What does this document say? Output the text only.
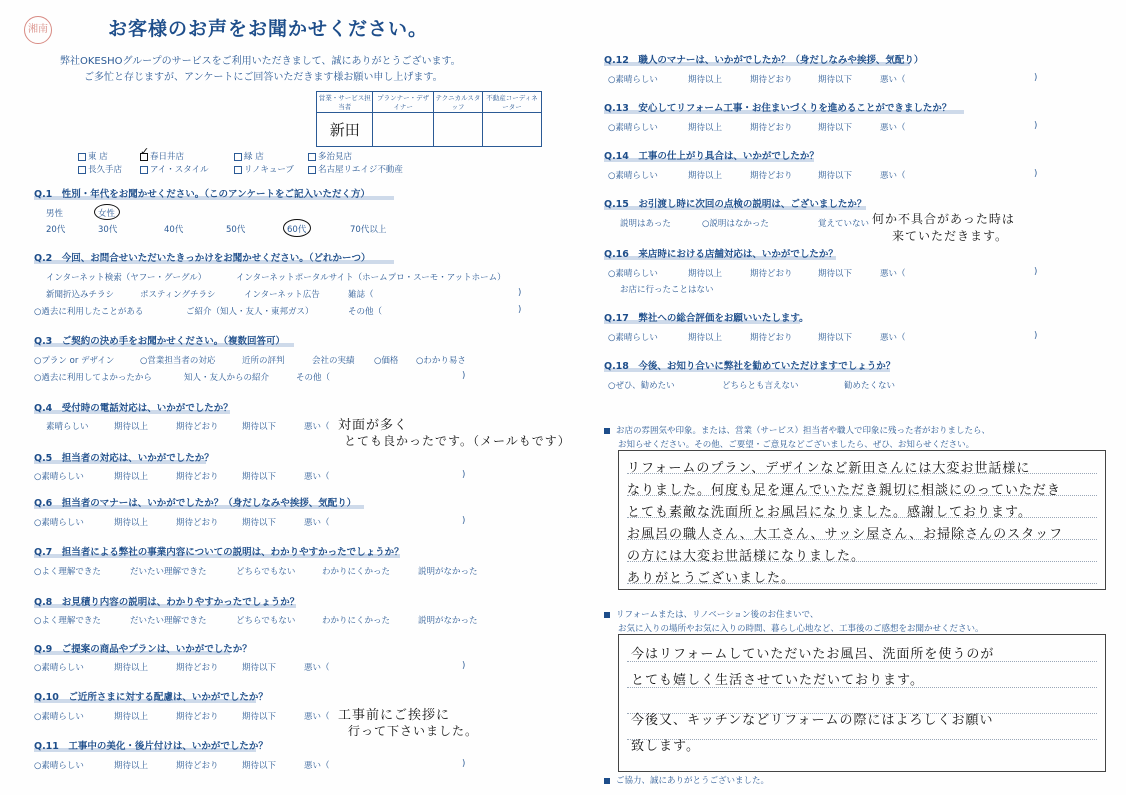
湘南	お客様のお声をお聞かせください。
弊社OKESHOグループのサービスをご利用いただきまして、誠にありがとうございます。
ご多忙と存じますが、アンケートにご回答いただきます様お願い申し上げます。
営業・サービス担当者	プランナー・デザイナー	テクニカルスタッフ	不動産コーディネーター
新田			
東 店	春日井店
✓	緑 店	多治見店
長久手店	アイ・スタイル	リノキューブ	名古屋リエイジ不動産
Q.1　性別・年代をお聞かせください。（このアンケートをご記入いただく方）
男性	女性
20代	30代	40代	50代	60代	70代以上
Q.2　今回、お問合せいただいたきっかけをお聞かせください。（どれかーつ）
インターネット検索（ヤフー・グーグル）	インターネットポータルサイト（ホームプロ・スーモ・アットホーム）
新聞折込みチラシ	ポスティングチラシ	インターネット広告	雑誌（	)
○過去に利用したことがある	ご紹介（知人・友人・東邦ガス）	その他（	)
Q.3　ご契約の決め手をお聞かせください。（複数回答可）
○プラン or デザイン	○営業担当者の対応	近所の評判	会社の実績 ○価格 ○わかり易さ
○過去に利用してよかったから	知人・友人からの紹介	その他（	)
Q.4　受付時の電話対応は、いかがでしたか？
素晴らしい	期待以上	期待どおり	期待以下	悪い（ 対面が多く
とても良かったです。（メールもです）
Q.5　担当者の対応は、いかがでしたか？
○素晴らしい	期待以上	期待どおり	期待以下	悪い（	)
Q.6　担当者のマナーは、いかがでしたか？（身だしなみや挨拶、気配り）
○素晴らしい	期待以上	期待どおり	期待以下	悪い（	)
Q.7　担当者による弊社の事業内容についての説明は、わかりやすかったでしょうか？
○よく理解できた	だいたい理解できた	どちらでもない	わかりにくかった	説明がなかった
Q.8　お見積り内容の説明は、わかりやすかったでしょうか？
○よく理解できた	だいたい理解できた	どちらでもない	わかりにくかった	説明がなかった
Q.9　ご提案の商品やプランは、いかがでしたか？
○素晴らしい	期待以上	期待どおり	期待以下	悪い（	)
Q.10　ご近所さまに対する配慮は、いかがでしたか？
○素晴らしい	期待以上	期待どおり	期待以下	悪い（ 工事前にご挨拶に
行って下さいました。
Q.11　工事中の美化・後片付けは、いかがでしたか？
○素晴らしい	期待以上	期待どおり	期待以下	悪い（	)
Q.12　職人のマナーは、いかがでしたか？（身だしなみや挨拶、気配り）
○素晴らしい	期待以上	期待どおり	期待以下	悪い（	)
Q.13　安心してリフォーム工事・お住まいづくりを進めることができましたか？
○素晴らしい	期待以上	期待どおり	期待以下	悪い（	)
Q.14　工事の仕上がり具合は、いかがでしたか？
○素晴らしい	期待以上	期待どおり	期待以下	悪い（	)
Q.15　お引渡し時に次回の点検の説明は、ございましたか？
説明はあった	○説明はなかった	覚えていない 何か不具合があった時は
来ていただきます。
Q.16　来店時における店舗対応は、いかがでしたか？
○素晴らしい	期待以上	期待どおり	期待以下	悪い（	)
お店に行ったことはない
Q.17　弊社への総合評価をお願いいたします。
○素晴らしい	期待以上	期待どおり	期待以下	悪い（	)
Q.18　今後、お知り合いに弊社を勧めていただけますでしょうか？
○ぜひ、勧めたい	どちらとも言えない	勧めたくない
お店の雰囲気や印象。または、営業（サービス）担当者や職人で印象に残った者がおりましたら、
お知らせください。その他、ご要望・ご意見などございましたら、ぜひ、お知らせください。
リフォームのプラン、デザインなど新田さんには大変お世話様に
なりました。何度も足を運んでいただき親切に相談にのっていただき
とても素敵な洗面所とお風呂になりました。感謝しております。
お風呂の職人さん、大工さん、サッシ屋さん、お掃除さんのスタッフ
の方には大変お世話様になりました。
ありがとうございました。
リフォームまたは、リノベーション後のお住まいで、
お気に入りの場所やお気に入りの時間、暮らし心地など、工事後のご感想をお聞かせください。
今はリフォームしていただいたお風呂、洗面所を使うのが
とても嬉しく生活させていただいております。
今後又、キッチンなどリフォームの際にはよろしくお願い
致します。
ご協力、誠にありがとうございました。
